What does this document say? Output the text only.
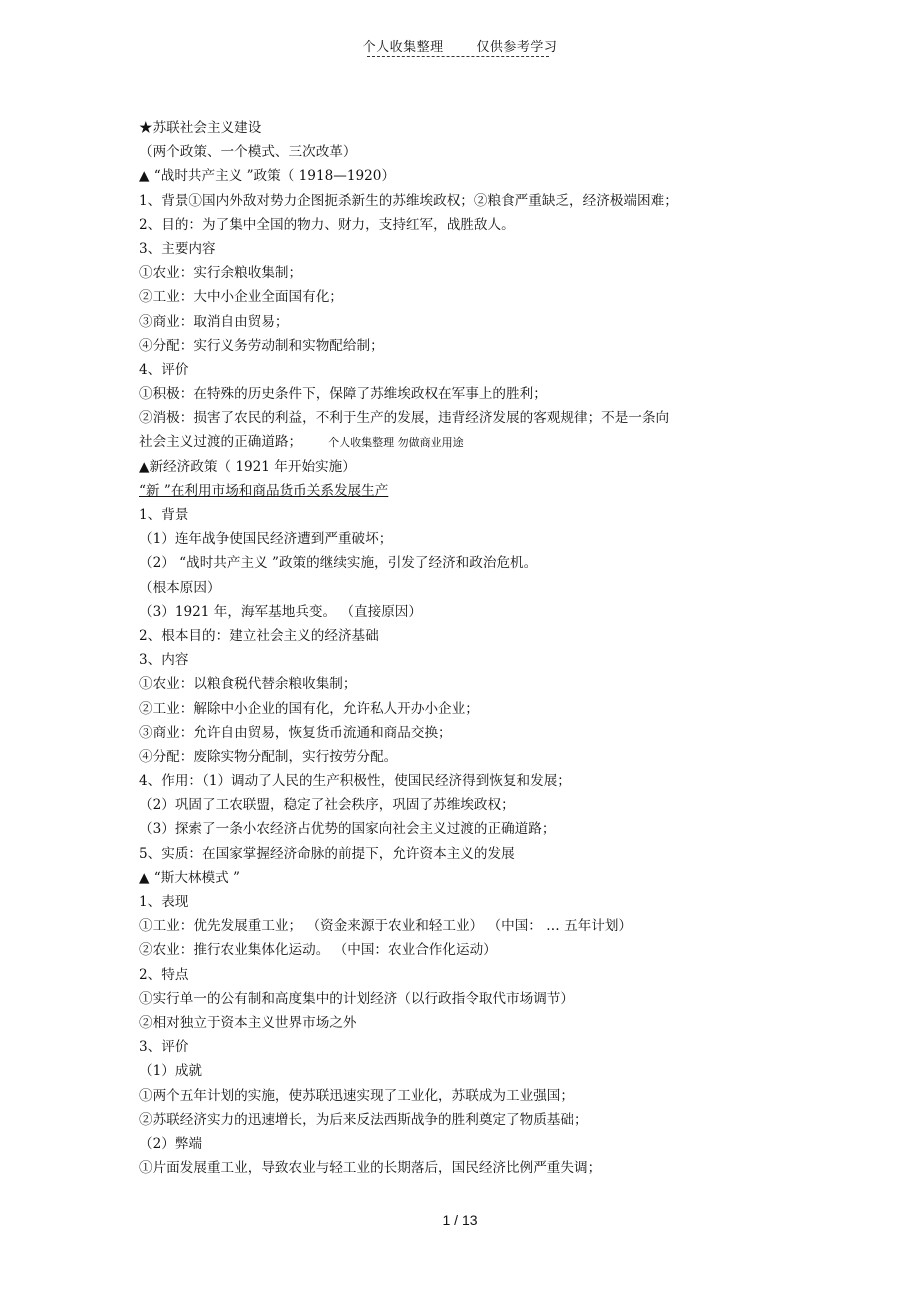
个人收集整理	仅供参考学习
★苏联社会主义建设
（两个政策、一个模式、三次改革）
▲ “战时共产主义 ”政策（ 1918—1920）
1、背景①国内外敌对势力企图扼杀新生的苏维埃政权；②粮食严重缺乏，经济极端困难；
2、目的：为了集中全国的物力、财力，支持红军，战胜敌人。
3、主要内容
①农业：实行余粮收集制；
②工业：大中小企业全面国有化；
③商业：取消自由贸易；
④分配：实行义务劳动制和实物配给制；
4、评价
①积极：在特殊的历史条件下，保障了苏维埃政权在军事上的胜利；
②消极：损害了农民的利益，不利于生产的发展，违背经济发展的客观规律；不是一条向
社会主义过渡的正确道路； 个人收集整理 勿做商业用途
▲新经济政策（ 1921 年开始实施）
“新 ”在利用市场和商品货币关系发展生产
1、背景
（1）连年战争使国民经济遭到严重破坏；
（2） “战时共产主义 ”政策的继续实施，引发了经济和政治危机。
（根本原因）
（3）1921 年，海军基地兵变。 （直接原因）
2、根本目的：建立社会主义的经济基础
3、内容
①农业：以粮食税代替余粮收集制；
②工业：解除中小企业的国有化，允许私人开办小企业；
③商业：允许自由贸易，恢复货币流通和商品交换；
④分配：废除实物分配制，实行按劳分配。
4、作用：（1）调动了人民的生产积极性，使国民经济得到恢复和发展；
（2）巩固了工农联盟，稳定了社会秩序，巩固了苏维埃政权；
（3）探索了一条小农经济占优势的国家向社会主义过渡的正确道路；
5、实质：在国家掌握经济命脉的前提下，允许资本主义的发展
▲ “斯大林模式 ”
1、表现
①工业：优先发展重工业； （资金来源于农业和轻工业） （中国： … 五年计划）
②农业：推行农业集体化运动。 （中国：农业合作化运动）
2、特点
①实行单一的公有制和高度集中的计划经济（以行政指令取代市场调节）
②相对独立于资本主义世界市场之外
3、评价
（1）成就
①两个五年计划的实施，使苏联迅速实现了工业化，苏联成为工业强国；
②苏联经济实力的迅速增长，为后来反法西斯战争的胜利奠定了物质基础；
（2）弊端
①片面发展重工业，导致农业与轻工业的长期落后，国民经济比例严重失调；
1 / 13
